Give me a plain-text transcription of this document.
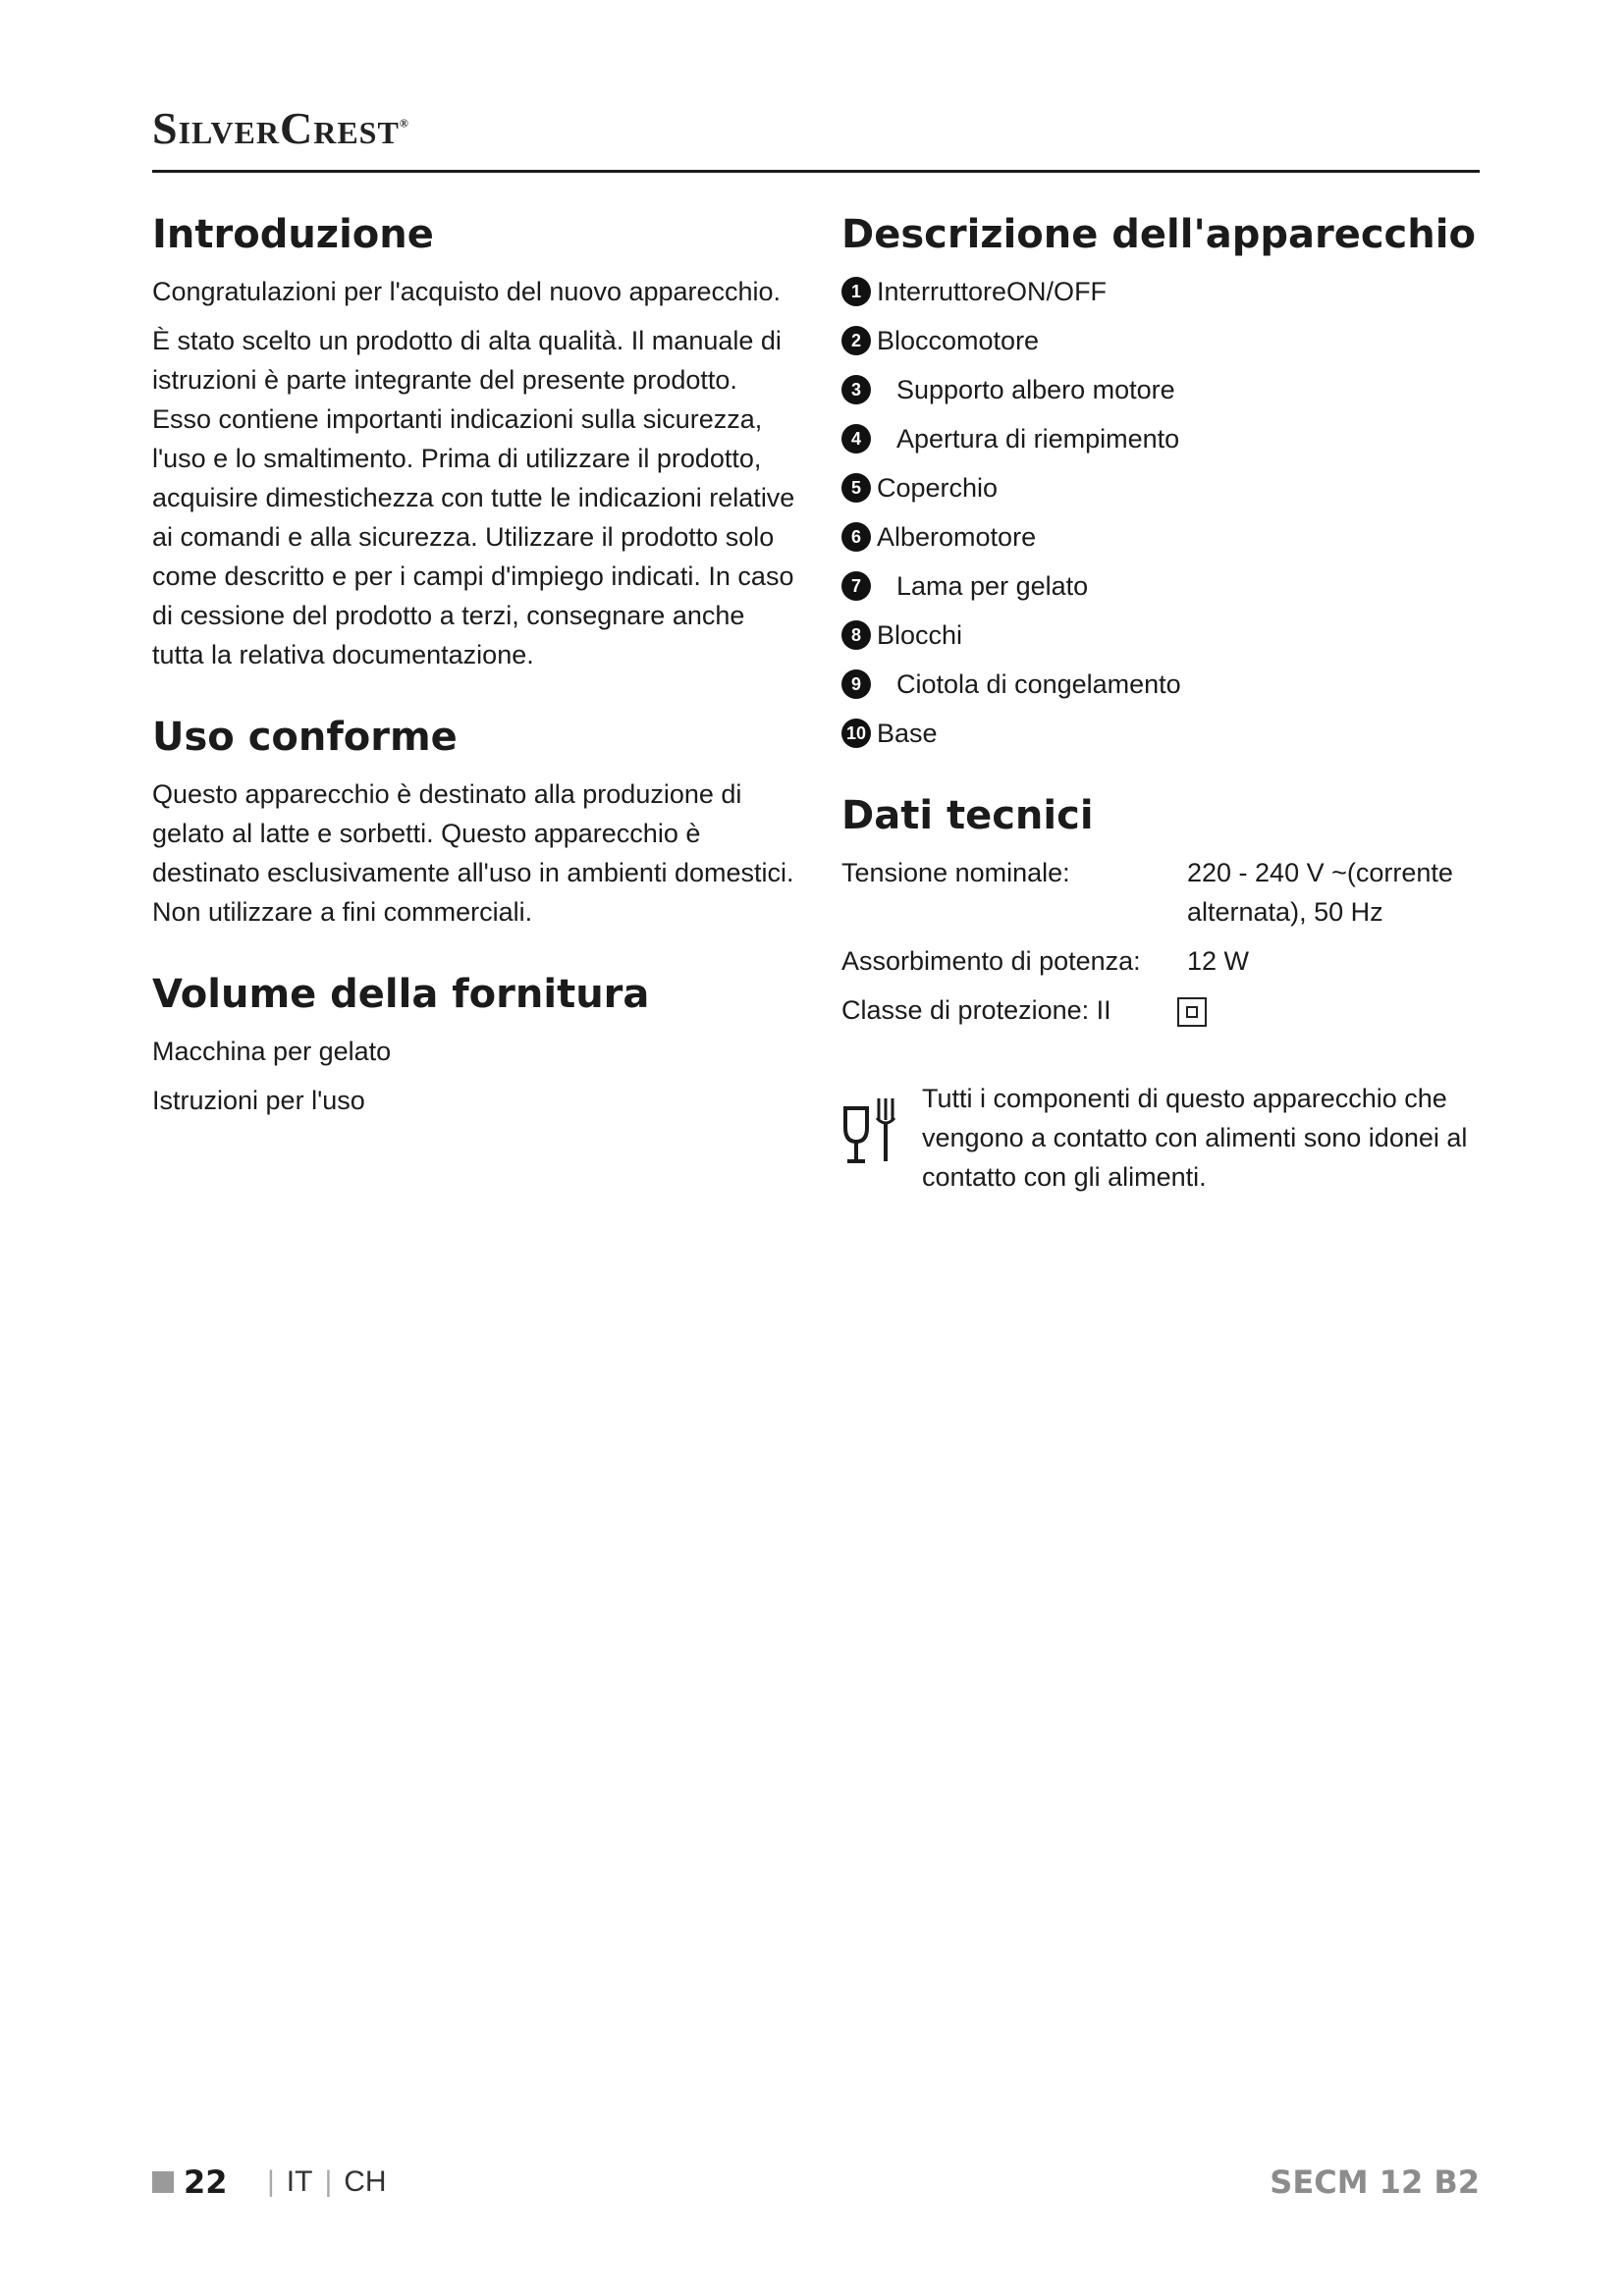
SilverCrest®
Introduzione

Congratulazioni per l'acquisto del nuovo apparecchio.

È stato scelto un prodotto di alta qualità. Il manuale di istruzioni è parte integrante del presente prodotto. Esso contiene importanti indicazioni sulla sicurezza, l'uso e lo smaltimento. Prima di utilizzare il prodotto, acquisire dimestichezza con tutte le indicazioni relative ai comandi e alla sicurezza. Utilizzare il prodotto solo come descritto e per i campi d'impiego indicati. In caso di cessione del prodotto a terzi, consegnare anche tutta la relativa documentazione.

Uso conforme

Questo apparecchio è destinato alla produzione di gelato al latte e sorbetti. Questo apparecchio è destinato esclusivamente all'uso in ambienti domestici. Non utilizzare a fini commerciali.

Volume della fornitura

Macchina per gelato

Istruzioni per l'uso

Descrizione dell'apparecchio
1 InterruttoreON/OFF
2 Bloccomotore
3	Supporto albero motore
4	Apertura di riempimento
5 Coperchio
6 Alberomotore
7	Lama per gelato
8 Blocchi
9	Ciotola di congelamento
10 Base
Dati tecnici
Tensione nominale:	220 - 240 V ~(corrente alternata), 50 Hz
Assorbimento di potenza:	12 W
Classe di protezione: II	

Tutti i componenti di questo apparecchio che vengono a contatto con alimenti sono idonei al contatto con gli alimenti.

22	| IT | CH	SECM 12 B2
